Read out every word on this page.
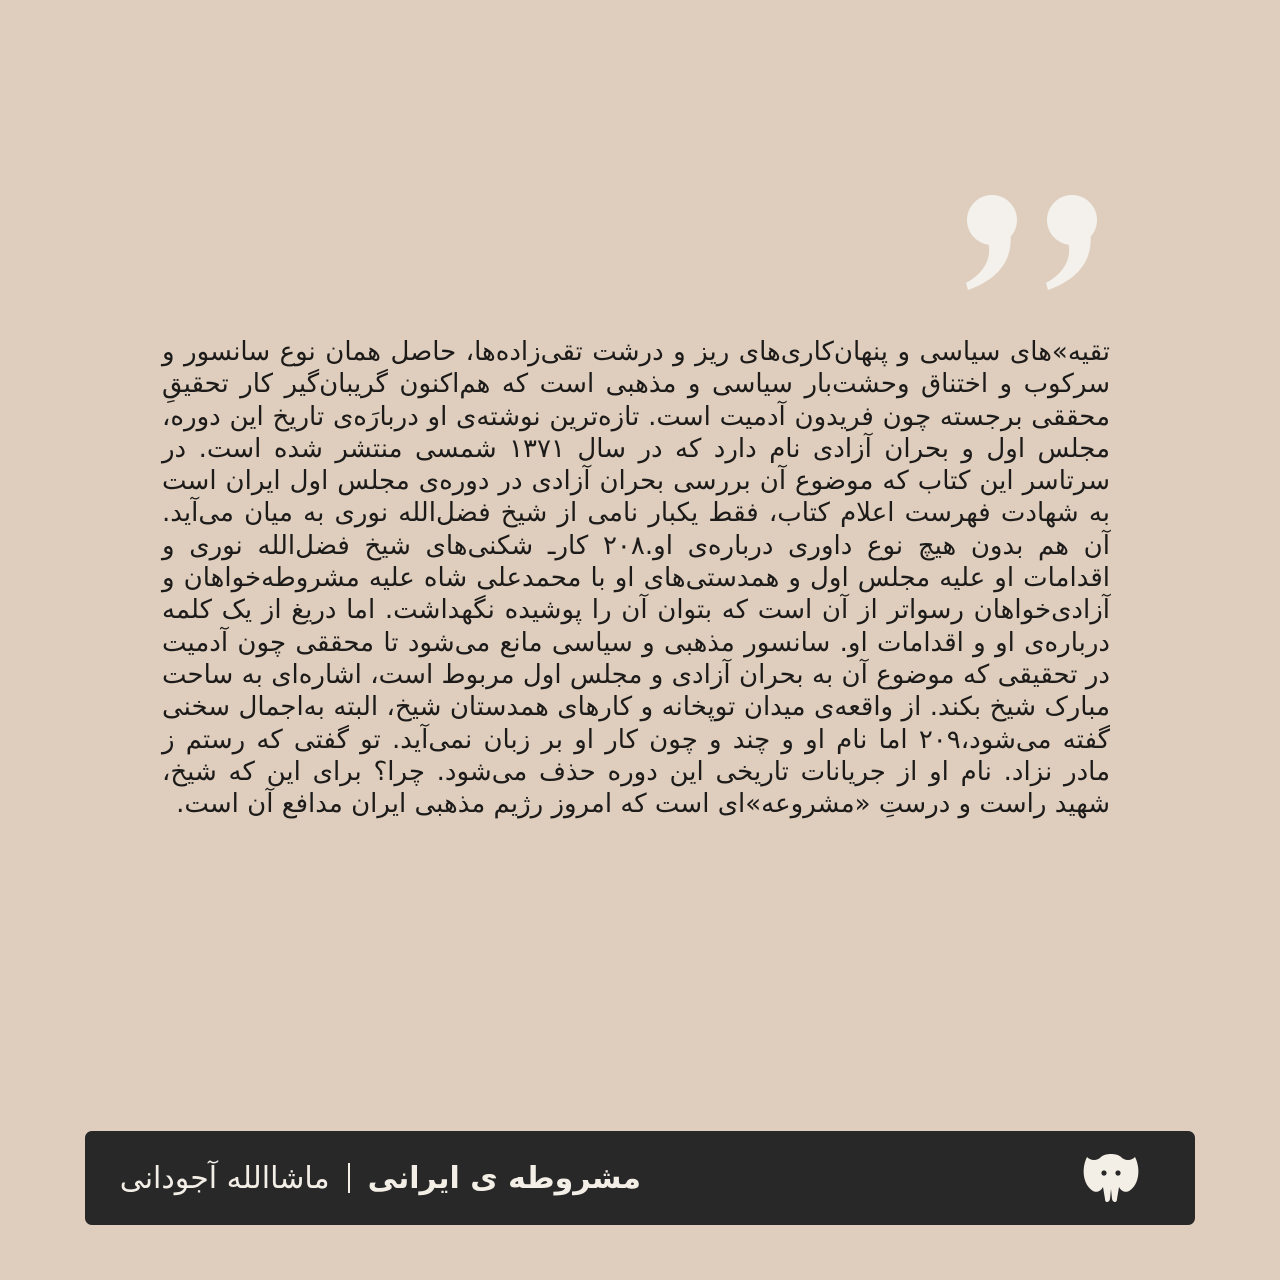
تقیه»های سیاسی و پنهان‌کاری‌های ریز و درشت تقی‌زاده‌ها، حاصل همان نوع سانسور و سرکوب و اختناق وحشت‌بار سیاسی و مذهبی است که هم‌اکنون گریبان‌گیر کار تحقیقِ محققی برجسته چون فریدون آدمیت است. تازه‌ترین نوشته‌ی او دربارَه‌ی تاریخ این دوره، مجلس اول و بحران آزادی نام دارد که در سال ۱۳۷۱ شمسی منتشر شده است. در سرتاسر این کتاب که موضوع آن بررسی بحران آزادی در دوره‌ی مجلس اول ایران است به شهادت فهرست اعلام کتاب، فقط یکبار نامی از شیخ فضل‌الله نوری به میان می‌آید. آن هم بدون هیچ نوع داوری درباره‌ی او.۲۰۸ کارـ شکنی‌های شیخ فضل‌الله نوری و اقدامات او علیه مجلس اول و همدستی‌های او با محمدعلی شاه علیه مشروطه‌خواهان و آزادی‌خواهان رسواتر از آن است که بتوان آن را پوشیده نگهداشت. اما دریغ از یک کلمه درباره‌ی او و اقدامات او. سانسور مذهبی و سیاسی مانع می‌شود تا محققی چون آدمیت در تحقیقی که موضوع آن به بحران آزادی و مجلس اول مربوط است، اشاره‌ای به ساحت مبارک شیخ بکند. از واقعه‌ی میدان توپخانه و کارهای همدستان شیخ، البته به‌اجمال سخنی گفته می‌شود،۲۰۹ اما نام او و چند و چون کار او بر زبان نمی‌آید. تو گفتی که رستم ز مادر نزاد. نام او از جریانات تاریخی این دوره حذف می‌شود. چرا؟ برای این که شیخ، شهید راست و درستِ «مشروعه»ای است که امروز رژیم مذهبی ایران مدافع آن است.

مشروطه ی ایرانی
ماشاالله آجودانی
